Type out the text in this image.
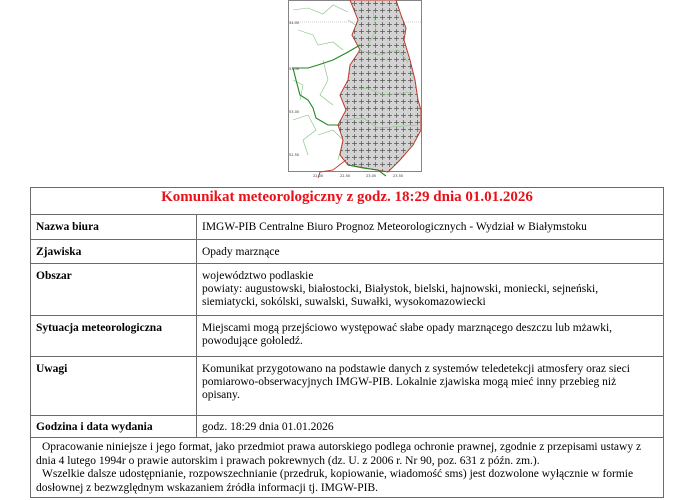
54.00
53.50
53.00
52.50
22.00	22.50	23.00	23.50
Komunikat meteorologiczny z godz. 18:29 dnia 01.01.2026	
Nazwa biura	IMGW-PIB Centralne Biuro Prognoz Meteorologicznych - Wydział w Białymstoku
Zjawiska	Opady marznące
Obszar	województwo podlaskie
powiaty: augustowski, białostocki, Białystok, bielski, hajnowski, moniecki, sejneński,
siemiatycki, sokólski, suwalski, Suwałki, wysokomazowiecki

Sytuacja meteorologiczna	Miejscami mogą przejściowo występować słabe opady marznącego deszczu lub mżawki,
powodujące gołoledź.

Uwagi	Komunikat przygotowano na podstawie danych z systemów teledetekcji atmosfery oraz sieci
pomiarowo-obserwacyjnych IMGW-PIB. Lokalnie zjawiska mogą mieć inny przebieg niż
opisany.

Godzina i data wydania	godz. 18:29 dnia 01.01.2026

Opracowanie niniejsze i jego format, jako przedmiot prawa autorskiego podlega ochronie prawnej, zgodnie z przepisami ustawy z
dnia 4 lutego 1994r o prawie autorskim i prawach pokrewnych (dz. U. z 2006 r. Nr 90, poz. 631 z późn. zm.).
Wszelkie dalsze udostępnianie, rozpowszechnianie (przedruk, kopiowanie, wiadomość sms) jest dozwolone wyłącznie w formie
dosłownej z bezwzględnym wskazaniem źródła informacji tj. IMGW-PIB.	
